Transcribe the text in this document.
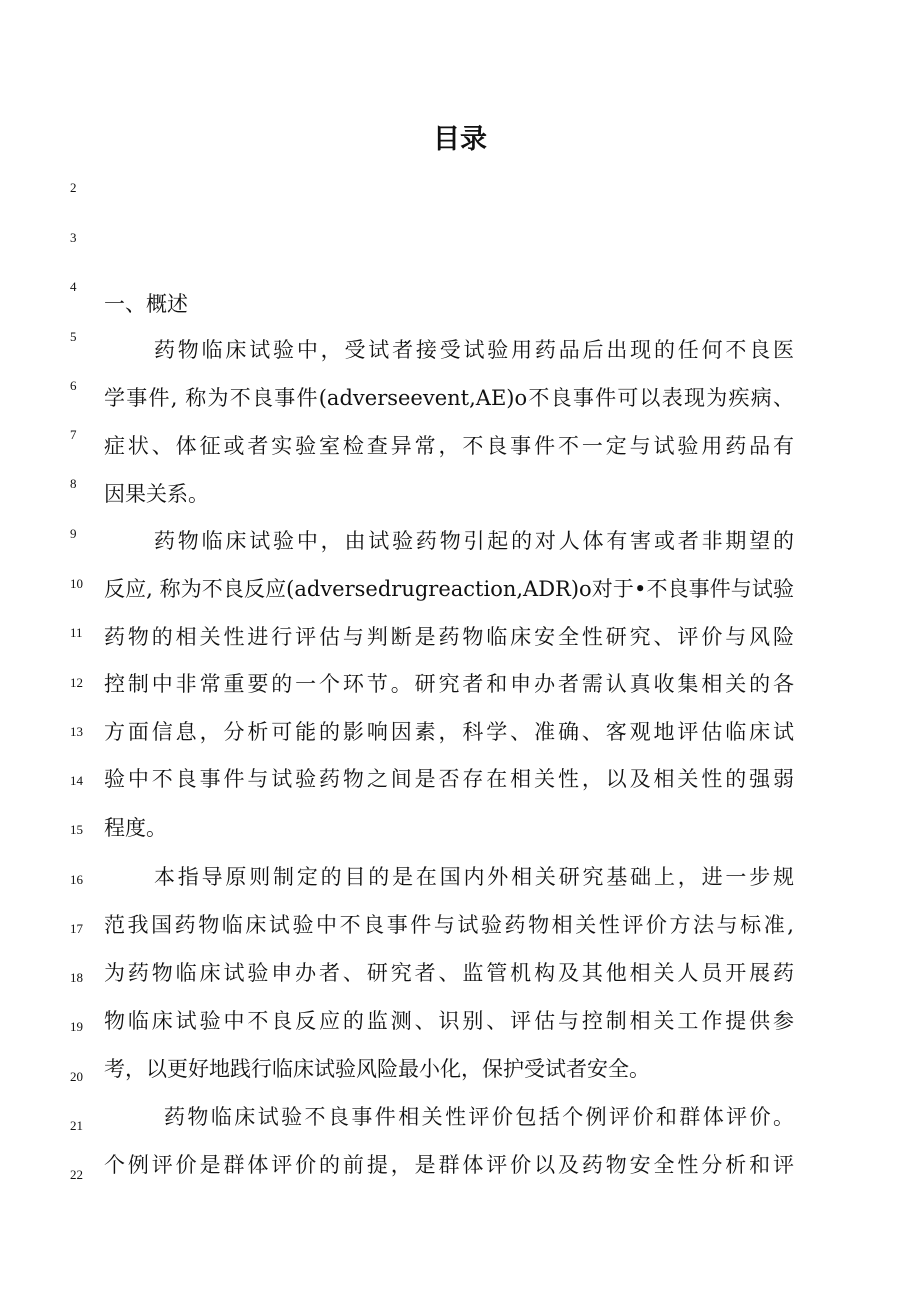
目录
2
3
4
5
6
7
8
9
10
11
12
13
14
15
16
17
18
19
20
21
22
一、概述
药物临床试验中，受试者接受试验用药品后出现的任何不良医
学事件, 称为不良事件(adverseevent,AE)o不良事件可以表现为疾病、
症状、体征或者实验室检查异常，不良事件不一定与试验用药品有
因果关系。
药物临床试验中，由试验药物引起的对人体有害或者非期望的
反应, 称为不良反应(adversedrugreaction,ADR)o对于•不良事件与试验
药物的相关性进行评估与判断是药物临床安全性研究、评价与风险
控制中非常重要的一个环节。研究者和申办者需认真收集相关的各
方面信息，分析可能的影响因素，科学、准确、客观地评估临床试
验中不良事件与试验药物之间是否存在相关性，以及相关性的强弱
程度。
本指导原则制定的目的是在国内外相关研究基础上，进一步规
范我国药物临床试验中不良事件与试验药物相关性评价方法与标准,
为药物临床试验申办者、研究者、监管机构及其他相关人员开展药
物临床试验中不良反应的监测、识别、评估与控制相关工作提供参
考，以更好地践行临床试验风险最小化，保护受试者安全。
药物临床试验不良事件相关性评价包括个例评价和群体评价。
个例评价是群体评价的前提，是群体评价以及药物安全性分析和评
